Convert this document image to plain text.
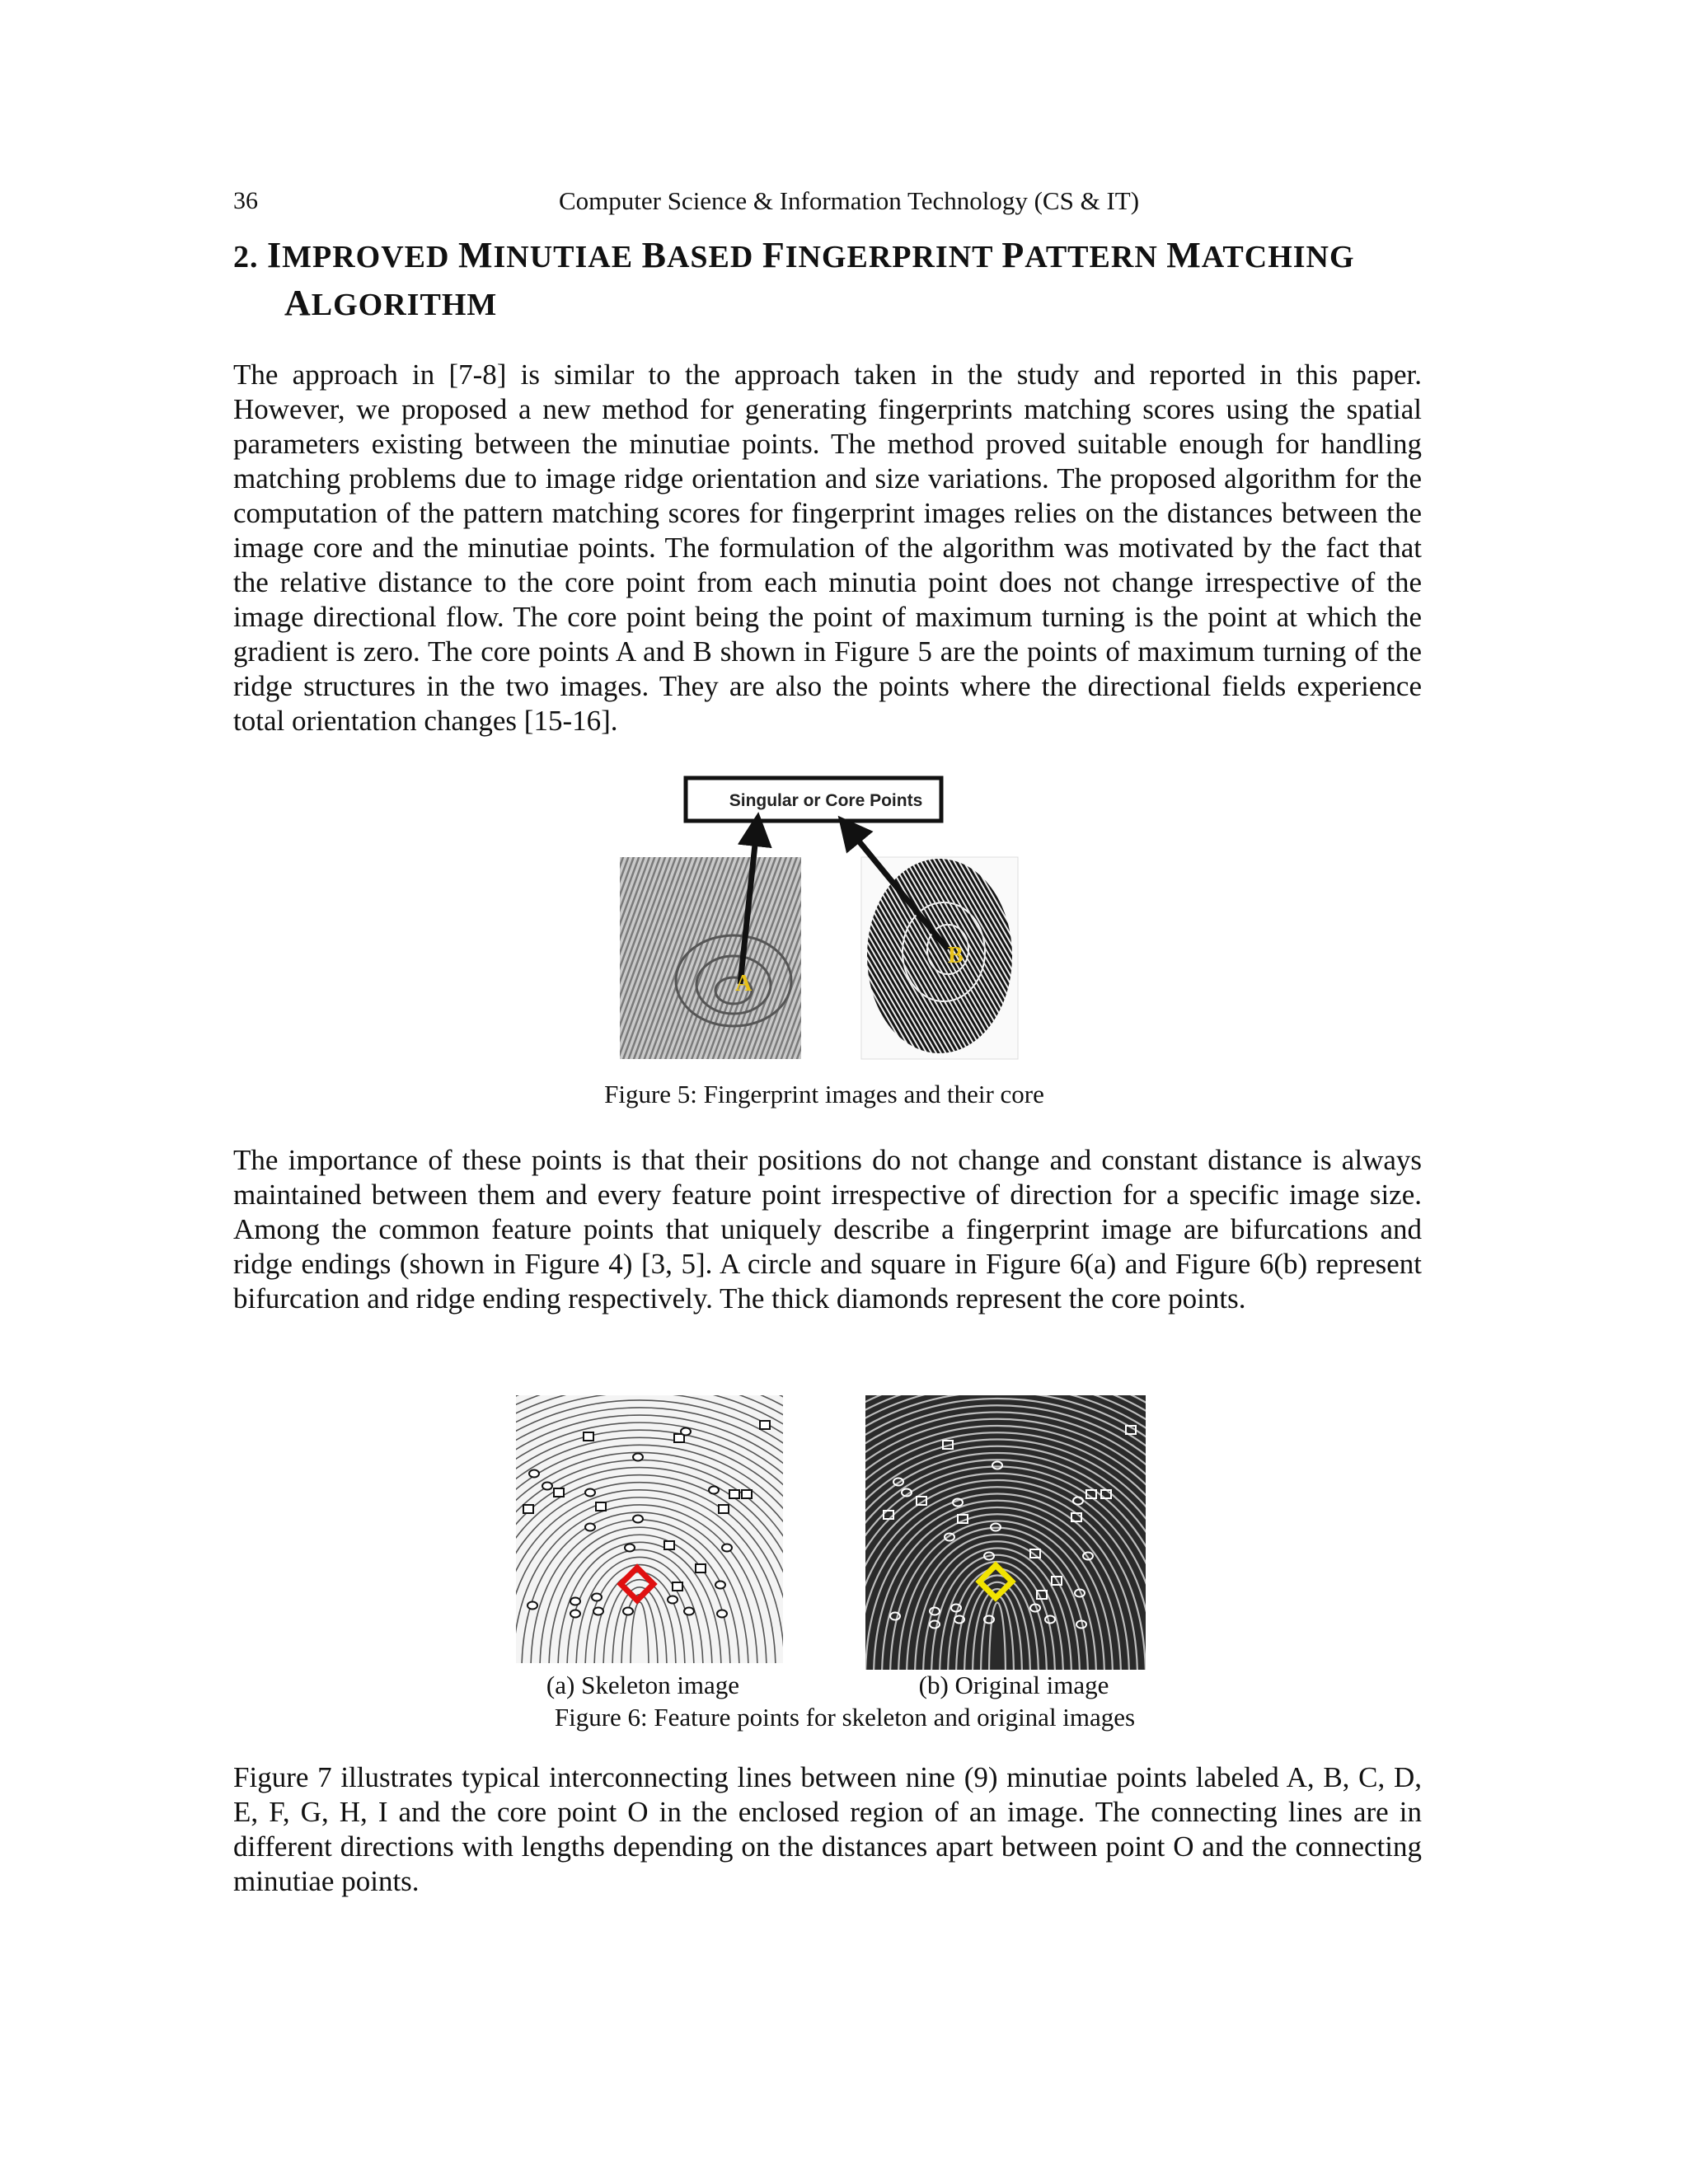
36	Computer Science & Information Technology (CS & IT)
2. IMPROVED MINUTIAE BASED FINGERPRINT PATTERN MATCHING
ALGORITHM
The approach in [7-8] is similar to the approach taken in the study and reported in this paper. However, we proposed a new method for generating fingerprints matching scores using the spatial parameters existing between the minutiae points. The method proved suitable enough for handling matching problems due to image ridge orientation and size variations. The proposed algorithm for the computation of the pattern matching scores for fingerprint images relies on the distances between the image core and the minutiae points. The formulation of the algorithm was motivated by the fact that the relative distance to the core point from each minutia point does not change irrespective of the image directional flow. The core point being the point of maximum turning is the point at which the gradient is zero. The core points A and B shown in Figure 5 are the points of maximum turning of the ridge structures in the two images. They are also the points where the directional fields experience total orientation changes [15-16].
Singular or Core Points
A
B
Figure 5: Fingerprint images and their core
The importance of these points is that their positions do not change and constant distance is always maintained between them and every feature point irrespective of direction for a specific image size. Among the common feature points that uniquely describe a fingerprint image are bifurcations and ridge endings (shown in Figure 4) [3, 5]. A circle and square in Figure 6(a) and Figure 6(b) represent bifurcation and ridge ending respectively. The thick diamonds represent the core points.
(a) Skeleton image	(b) Original image
Figure 6: Feature points for skeleton and original images
Figure 7 illustrates typical interconnecting lines between nine (9) minutiae points labeled A, B, C, D, E, F, G, H, I and the core point O in the enclosed region of an image. The connecting lines are in different directions with lengths depending on the distances apart between point O and the connecting minutiae points.
